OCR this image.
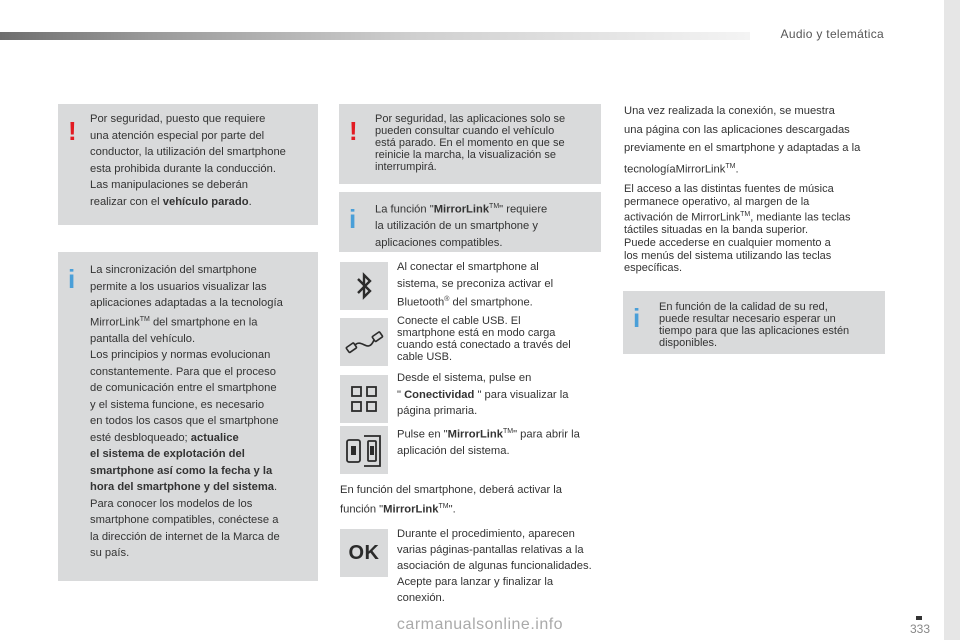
Audio y telemática
! Por seguridad, puesto que requiere
una atención especial por parte del
conductor, la utilización del smartphone
esta prohibida durante la conducción.
Las manipulaciones se deberán
realizar con el vehículo parado.
i La sincronización del smartphone
permite a los usuarios visualizar las
aplicaciones adaptadas a la tecnología
MirrorLink™ del smartphone en la
pantalla del vehículo.
Los principios y normas evolucionan
constantemente. Para que el proceso
de comunicación entre el smartphone
y el sistema funcione, es necesario
en todos los casos que el smartphone
esté desbloqueado; actualice
el sistema de explotación del
smartphone así como la fecha y la
hora del smartphone y del sistema.
Para conocer los modelos de los
smartphone compatibles, conéctese a
la dirección de internet de la Marca de
su país.
! Por seguridad, las aplicaciones solo se
pueden consultar cuando el vehículo
está parado. En el momento en que se
reinicie la marcha, la visualización se
interrumpirá.
i La función "MirrorLink™" requiere
la utilización de un smartphone y
aplicaciones compatibles.
OK
Al conectar el smartphone al
sistema, se preconiza activar el
Bluetooth® del smartphone.
Conecte el cable USB. El
smartphone está en modo carga
cuando está conectado a través del
cable USB.
Desde el sistema, pulse en
" Conectividad " para visualizar la
página primaria.
Pulse en "MirrorLink™" para abrir la
aplicación del sistema.
En función del smartphone, deberá activar la
función "MirrorLink™".
Durante el procedimiento, aparecen
varias páginas-pantallas relativas a la
asociación de algunas funcionalidades.
Acepte para lanzar y finalizar la
conexión.
Una vez realizada la conexión, se muestra
una página con las aplicaciones descargadas
previamente en el smartphone y adaptadas a la
tecnologíaMirrorLink™.
El acceso a las distintas fuentes de música
permanece operativo, al margen de la
activación de MirrorLink™, mediante las teclas
táctiles situadas en la banda superior.
Puede accederse en cualquier momento a
los menús del sistema utilizando las teclas
específicas.
i En función de la calidad de su red,
puede resultar necesario esperar un
tiempo para que las aplicaciones estén
disponibles.
333
carmanualsonline.info
